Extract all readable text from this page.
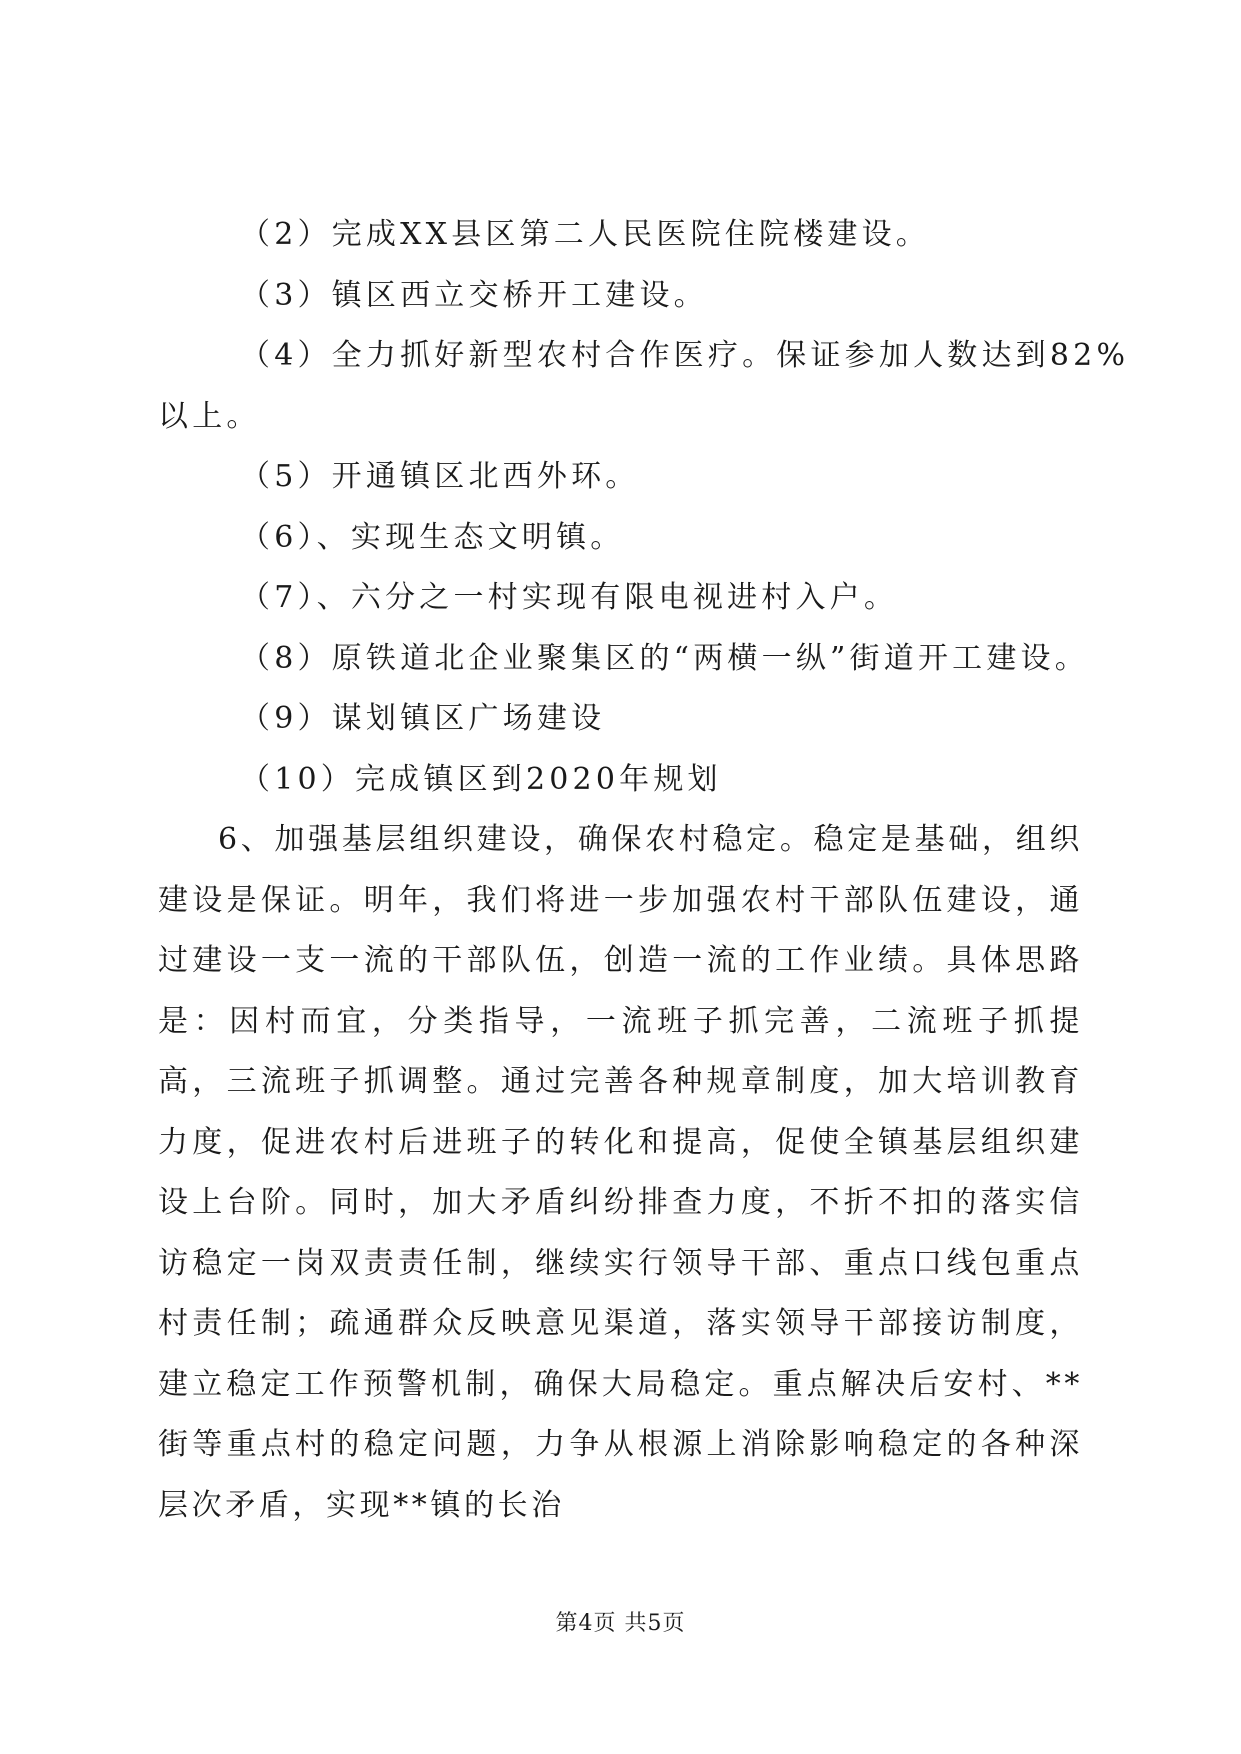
（2）完成XX县区第二人民医院住院楼建设。

（3）镇区西立交桥开工建设。

（4）全力抓好新型农村合作医疗。保证参加人数达到82%

以上。

（5）开通镇区北西外环。

（6）、实现生态文明镇。

（7）、六分之一村实现有限电视进村入户。

（8）原铁道北企业聚集区的“两横一纵”街道开工建设。

（9）谋划镇区广场建设

（10）完成镇区到2020年规划

6、加强基层组织建设，确保农村稳定。稳定是基础，组织建设是保证。明年，我们将进一步加强农村干部队伍建设，通过建设一支一流的干部队伍，创造一流的工作业绩。具体思路是：因村而宜，分类指导，一流班子抓完善，二流班子抓提高，三流班子抓调整。通过完善各种规章制度，加大培训教育力度，促进农村后进班子的转化和提高，促使全镇基层组织建设上台阶。同时，加大矛盾纠纷排查力度，不折不扣的落实信访稳定一岗双责责任制，继续实行领导干部、重点口线包重点村责任制；疏通群众反映意见渠道，落实领导干部接访制度，建立稳定工作预警机制，确保大局稳定。重点解决后安村、**街等重点村的稳定问题，力争从根源上消除影响稳定的各种深层次矛盾，实现**镇的长治

第4页 共5页
